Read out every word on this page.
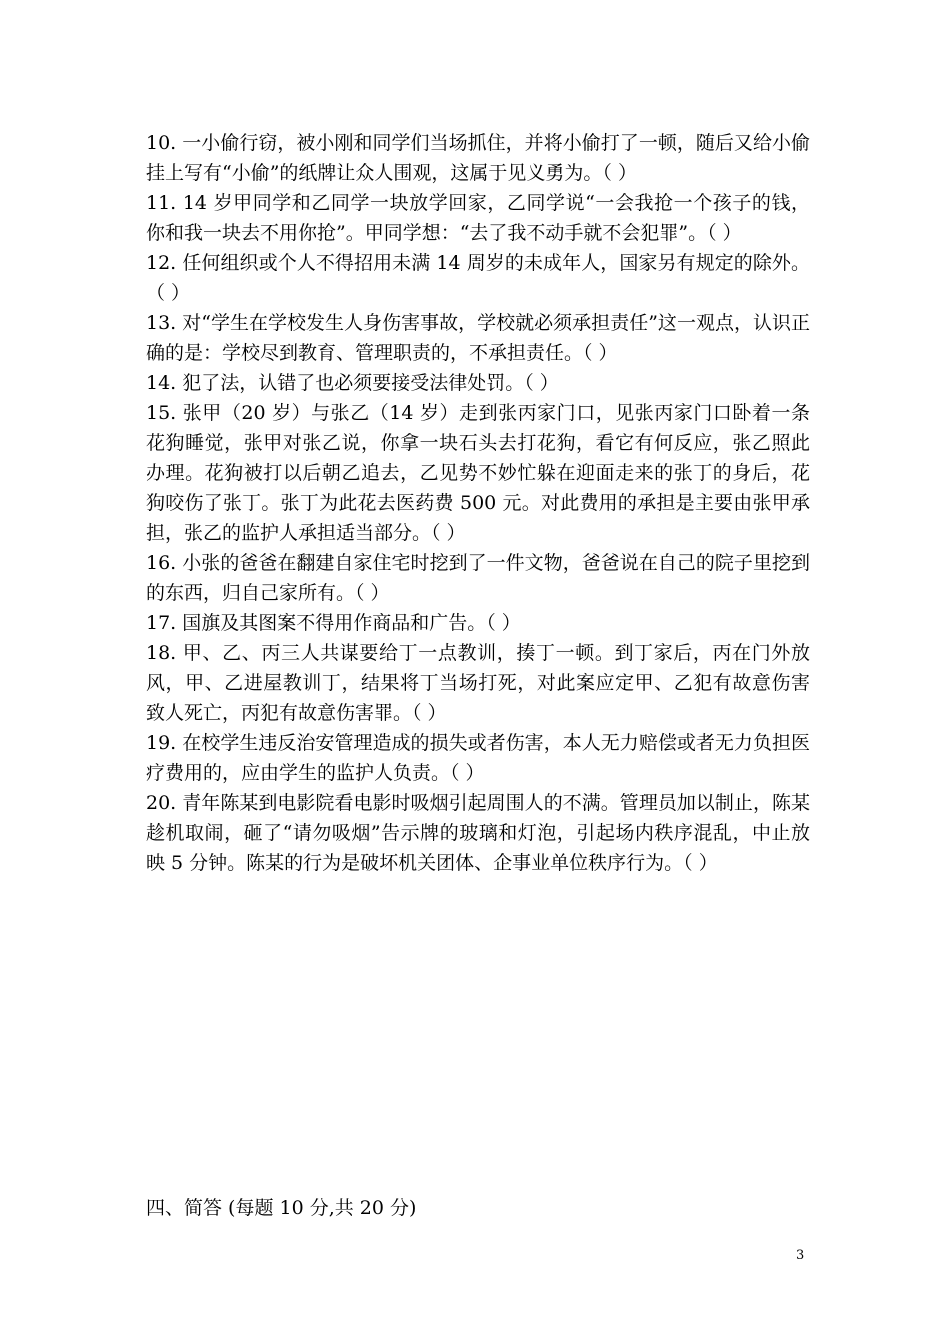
10. 一小偷行窃，被小刚和同学们当场抓住，并将小偷打了一顿，随后又给小偷挂上写有“小偷”的纸牌让众人围观，这属于见义勇为。（ ）

11. 14 岁甲同学和乙同学一块放学回家，乙同学说“一会我抢一个孩子的钱，你和我一块去不用你抢”。甲同学想：“去了我不动手就不会犯罪”。（ ）

12. 任何组织或个人不得招用未满 14 周岁的未成年人，国家另有规定的除外。（ ）

13. 对“学生在学校发生人身伤害事故，学校就必须承担责任”这一观点，认识正确的是：学校尽到教育、管理职责的，不承担责任。（ ）

14. 犯了法，认错了也必须要接受法律处罚。（ ）

15. 张甲（20 岁）与张乙（14 岁）走到张丙家门口，见张丙家门口卧着一条花狗睡觉，张甲对张乙说，你拿一块石头去打花狗，看它有何反应，张乙照此办理。花狗被打以后朝乙追去，乙见势不妙忙躲在迎面走来的张丁的身后，花狗咬伤了张丁。张丁为此花去医药费 500 元。对此费用的承担是主要由张甲承担，张乙的监护人承担适当部分。（ ）

16. 小张的爸爸在翻建自家住宅时挖到了一件文物，爸爸说在自己的院子里挖到的东西，归自己家所有。（ ）

17. 国旗及其图案不得用作商品和广告。（ ）

18. 甲、乙、丙三人共谋要给丁一点教训，揍丁一顿。到丁家后，丙在门外放风，甲、乙进屋教训丁，结果将丁当场打死，对此案应定甲、乙犯有故意伤害致人死亡，丙犯有故意伤害罪。（ ）

19. 在校学生违反治安管理造成的损失或者伤害，本人无力赔偿或者无力负担医疗费用的，应由学生的监护人负责。（ ）

20. 青年陈某到电影院看电影时吸烟引起周围人的不满。管理员加以制止，陈某趁机取闹，砸了“请勿吸烟”告示牌的玻璃和灯泡，引起场内秩序混乱，中止放映 5 分钟。陈某的行为是破坏机关团体、企事业单位秩序行为。（ ）

四、简答 (每题 10 分,共 20 分)
3
